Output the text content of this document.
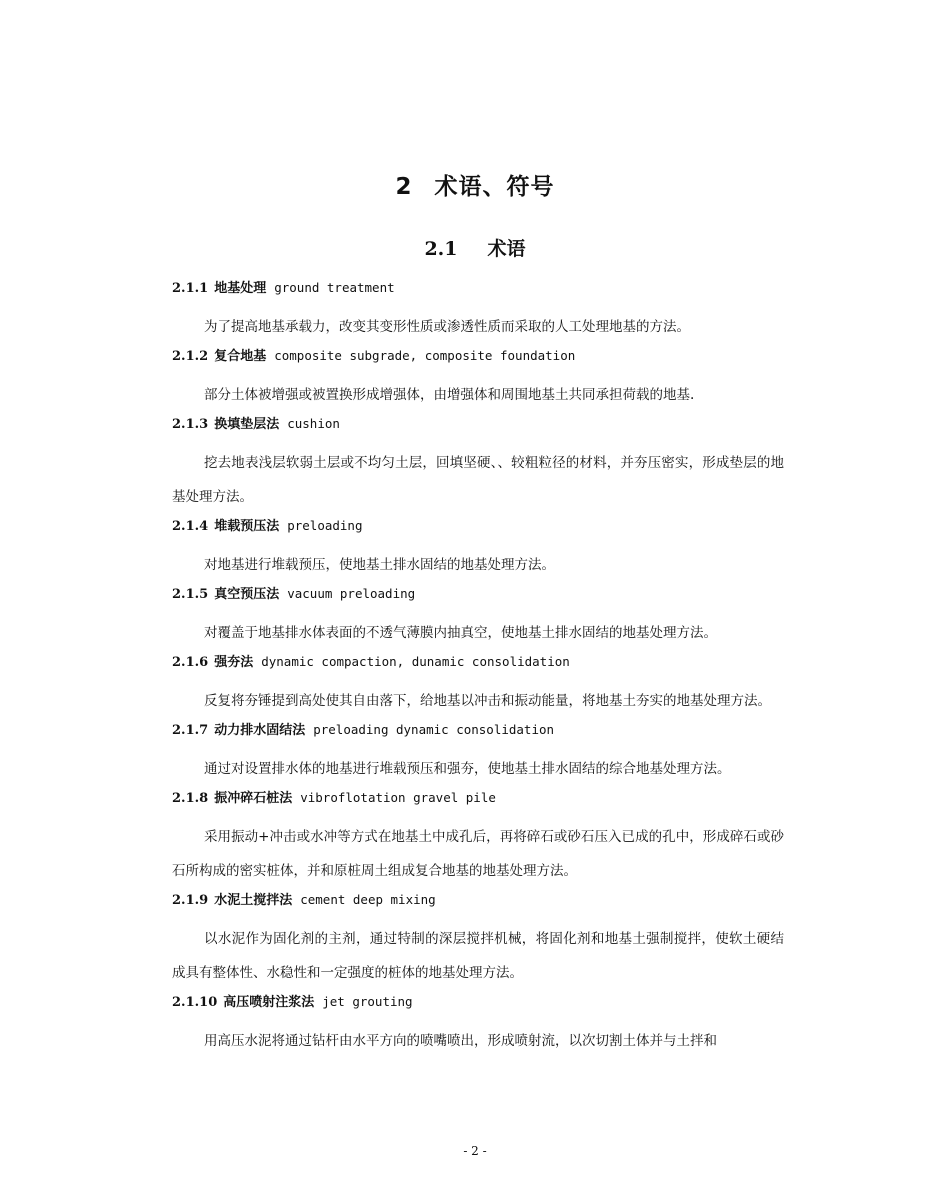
2 术语、符号
2.1 术语
2.1.1 地基处理 ground treatment

为了提高地基承载力，改变其变形性质或渗透性质而采取的人工处理地基的方法。

2.1.2 复合地基 composite subgrade, composite foundation

部分土体被增强或被置换形成增强体，由增强体和周围地基土共同承担荷载的地基.

2.1.3 换填垫层法 cushion

挖去地表浅层软弱土层或不均匀土层，回填坚硬、、较粗粒径的材料，并夯压密实，形成垫层的地基处理方法。

2.1.4 堆载预压法 preloading

对地基进行堆载预压，使地基土排水固结的地基处理方法。

2.1.5 真空预压法 vacuum preloading

对覆盖于地基排水体表面的不透气薄膜内抽真空，使地基土排水固结的地基处理方法。

2.1.6 强夯法 dynamic compaction, dunamic consolidation

反复将夯锤提到高处使其自由落下，给地基以冲击和振动能量，将地基土夯实的地基处理方法。

2.1.7 动力排水固结法 preloading dynamic consolidation

通过对设置排水体的地基进行堆载预压和强夯，使地基土排水固结的综合地基处理方法。

2.1.8 振冲碎石桩法 vibroflotation gravel pile

采用振动+冲击或水冲等方式在地基土中成孔后，再将碎石或砂石压入已成的孔中，形成碎石或砂石所构成的密实桩体，并和原桩周土组成复合地基的地基处理方法。

2.1.9 水泥土搅拌法 cement deep mixing

以水泥作为固化剂的主剂，通过特制的深层搅拌机械，将固化剂和地基土强制搅拌，使软土硬结成具有整体性、水稳性和一定强度的桩体的地基处理方法。

2.1.10 高压喷射注浆法 jet grouting

用高压水泥将通过钻杆由水平方向的喷嘴喷出，形成喷射流，以次切割土体并与土拌和

- 2 -
